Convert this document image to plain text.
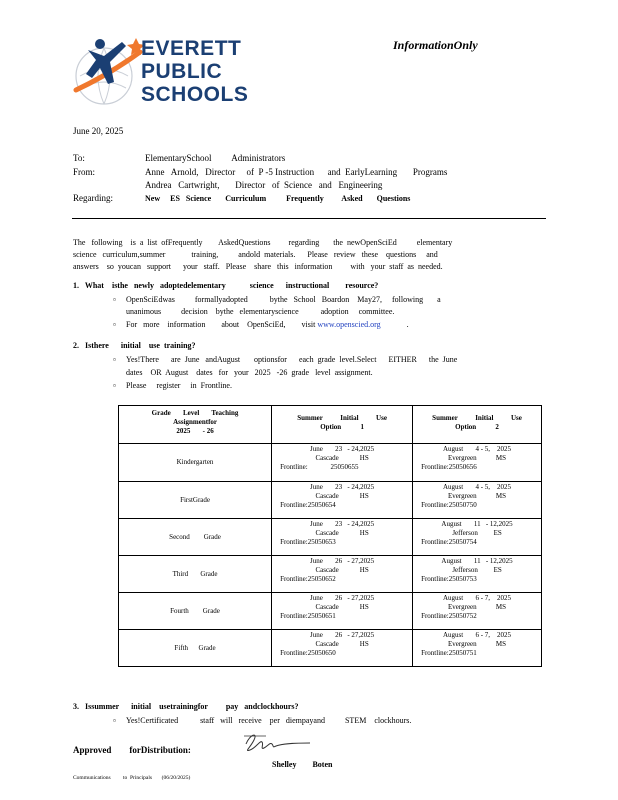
EVERETT
PUBLIC
SCHOOLS
InformationOnly
June 20, 2025
To:	ElementarySchool         Administrators
From:	Anne   Arnold,   Director     of  P -5 Instruction      and  EarlyLearning       Programs
Andrea   Cartwright,       Director   of  Science   and   Engineering
Regarding:	New     ES   Science       Curriculum          Frequently         Asked       Questions
The   following    is  a  list  ofFrequently        AskedQuestions         regarding       the  newOpenSciEd          elementary
science   curriculum,summer             training,          andold  materials.      Please   review   these    questions     and
answers    so  youcan   support      your   staff.   Please    share   this   information         with   your  staff  as  needed.
1.   What    isthe   newly   adoptedelementary            science      instructional        resource?
▫ OpenSciEdwas          formallyadopted           bythe   School   Boardon    May27,     following       a
unanimous          decision    bythe   elementaryscience           adoption     committee.
▫ For   more    information        about    OpenSciEd,        visit www.openscied.org	.
2.   Isthere      initial    use  training?
▫ Yes!There      are  June   andAugust       optionsfor      each  grade  level.Select      EITHER      the  June
dates    OR  August    dates   for   your   2025   -26  grade   level  assignment.
▫ Please     register     in  Frontline.
Grade       Level       Teaching
Assignmentfor
2025       - 26	Summer          Initial          Use
Option           1	Summer          Initial          Use
Option           2

Kindergarten	June       23   - 24,2025
Cascade            HS
Frontline:             25050655	August       4 - 5,    2025
Evergreen           MS
Frontline:25050656

FirstGrade	June       23   - 24,2025
Cascade            HS
Frontline:25050654	August       4 - 5,    2025
Evergreen           MS
Frontline:25050750

Second        Grade	June       23   - 24,2025
Cascade            HS
Frontline:25050653	August       11   - 12,2025
Jefferson         ES
Frontline:25050754

Third       Grade	June       26   - 27,2025
Cascade            HS
Frontline:25050652	August       11   - 12,2025
Jefferson         ES
Frontline:25050753

Fourth        Grade	June       26   - 27,2025
Cascade            HS
Frontline:25050651	August       6 - 7,    2025
Evergreen           MS
Frontline:25050752

Fifth      Grade	June       26   - 27,2025
Cascade            HS
Frontline:25050650	August       6 - 7,    2025
Evergreen           MS
Frontline:25050751
3.   Issummer      initial    usetrainingfor         pay   andclockhours?
▫ Yes!Certificated           staff   will   receive    per   diempayand          STEM    clockhours.
Approved        forDistribution:
Shelley        Boten
Communications         to  Principals       (06/20/2025)
